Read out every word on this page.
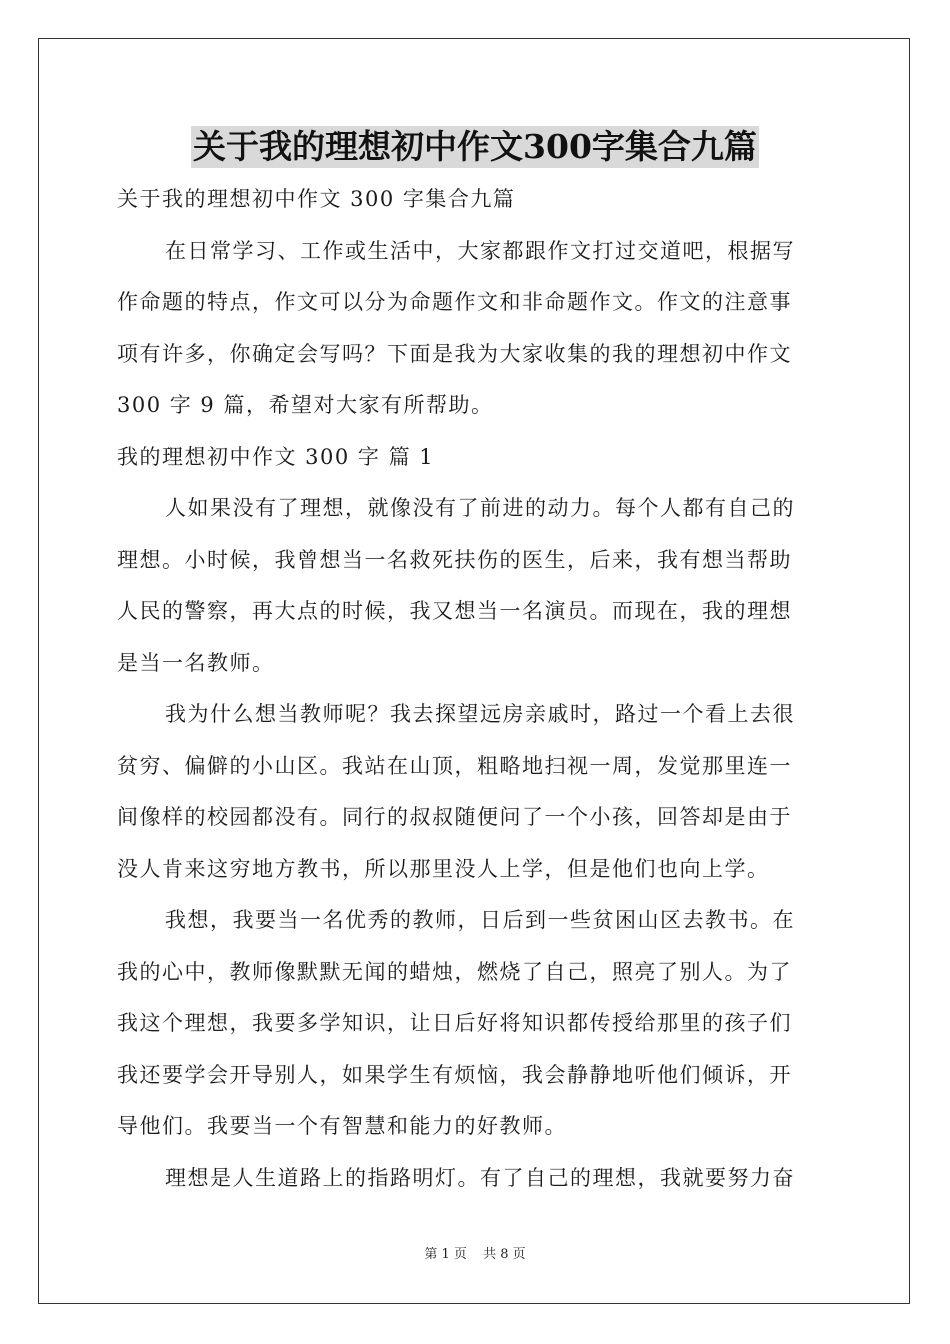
关于我的理想初中作文300字集合九篇
关于我的理想初中作文 300 字集合九篇
在日常学习、工作或生活中，大家都跟作文打过交道吧，根据写
作命题的特点，作文可以分为命题作文和非命题作文。作文的注意事
项有许多，你确定会写吗？下面是我为大家收集的我的理想初中作文
300 字 9 篇，希望对大家有所帮助。
我的理想初中作文 300 字 篇 1
人如果没有了理想，就像没有了前进的动力。每个人都有自己的
理想。小时候，我曾想当一名救死扶伤的医生，后来，我有想当帮助
人民的警察，再大点的时候，我又想当一名演员。而现在，我的理想
是当一名教师。
我为什么想当教师呢？我去探望远房亲戚时，路过一个看上去很
贫穷、偏僻的小山区。我站在山顶，粗略地扫视一周，发觉那里连一
间像样的校园都没有。同行的叔叔随便问了一个小孩，回答却是由于
没人肯来这穷地方教书，所以那里没人上学，但是他们也向上学。
我想，我要当一名优秀的教师，日后到一些贫困山区去教书。在
我的心中，教师像默默无闻的蜡烛，燃烧了自己，照亮了别人。为了
我这个理想，我要多学知识，让日后好将知识都传授给那里的孩子们
我还要学会开导别人，如果学生有烦恼，我会静静地听他们倾诉，开
导他们。我要当一个有智慧和能力的好教师。
理想是人生道路上的指路明灯。有了自己的理想，我就要努力奋
第 1 页 共 8 页
